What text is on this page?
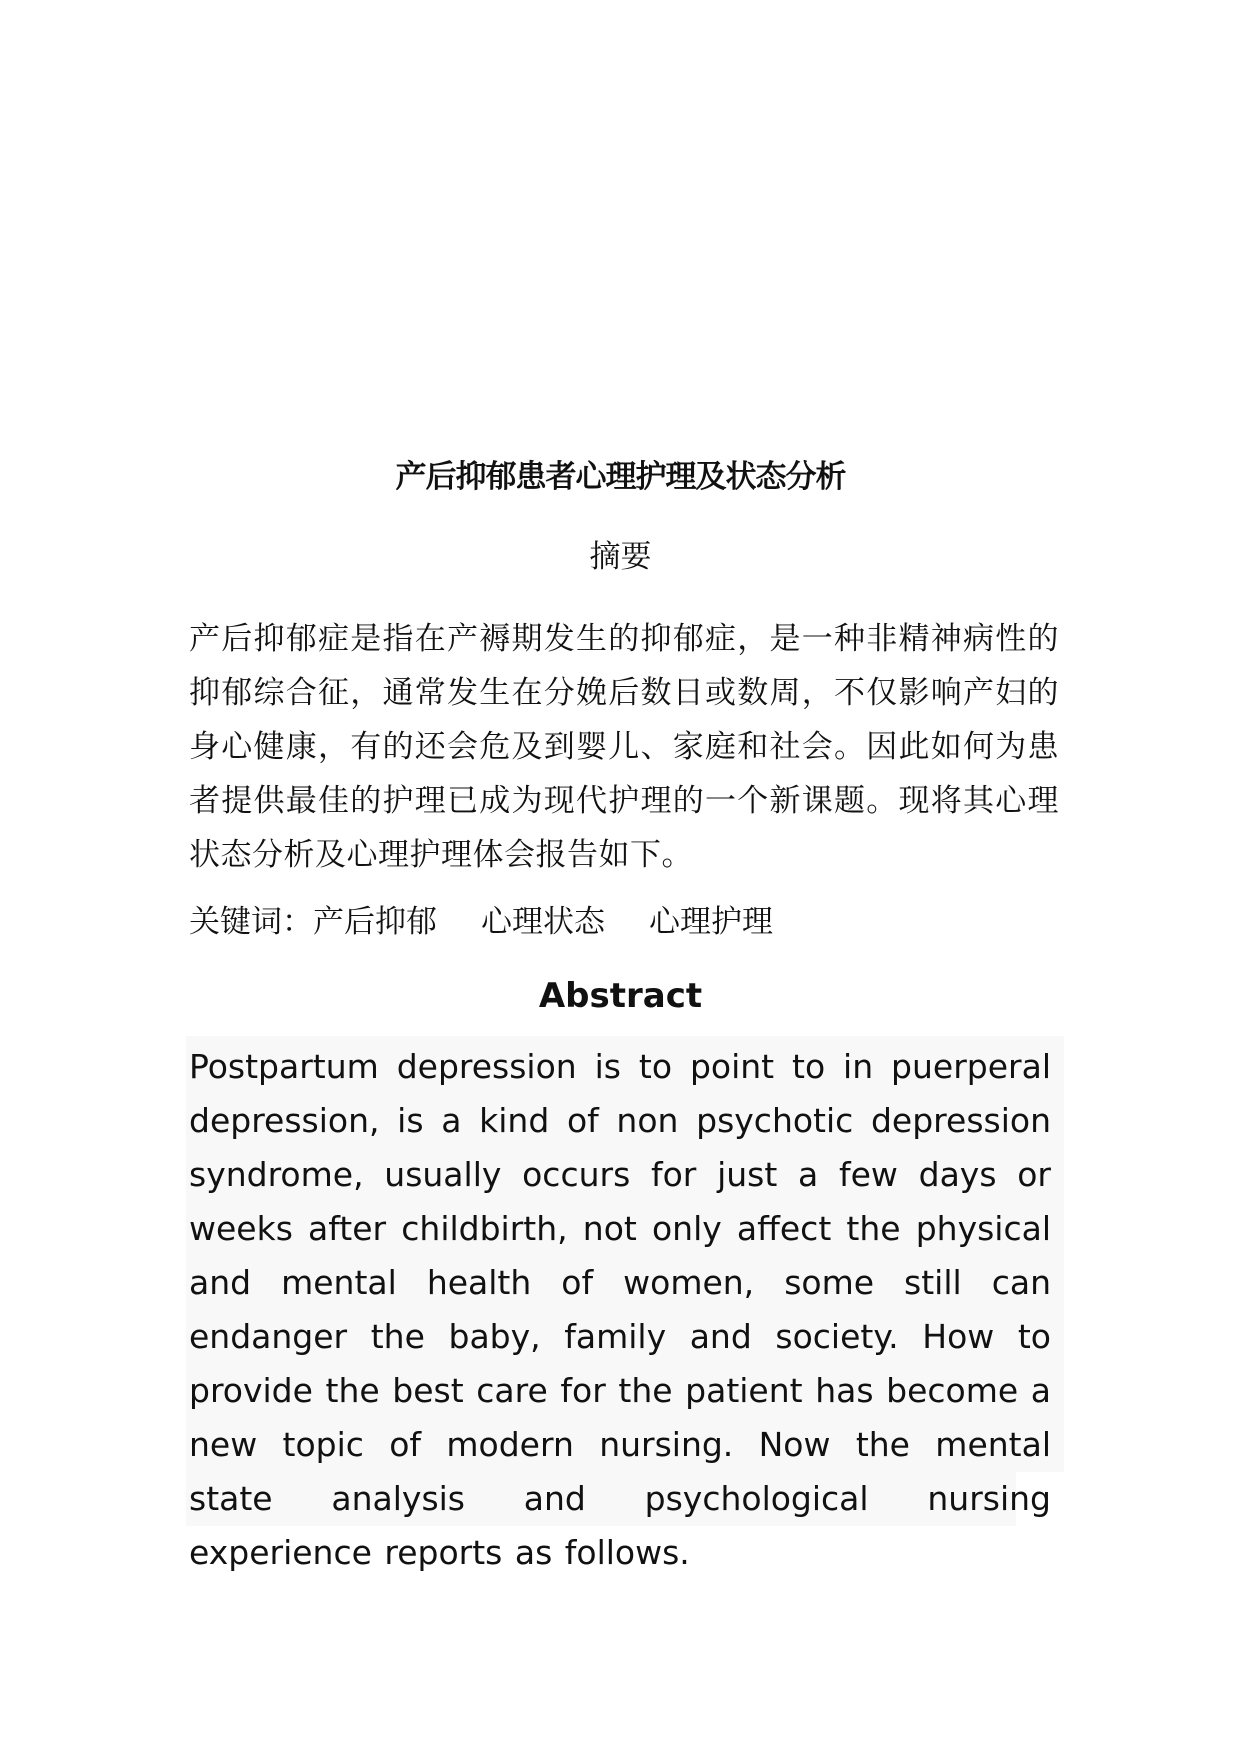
产后抑郁患者心理护理及状态分析
摘要

产后抑郁症是指在产褥期发生的抑郁症，是一种非精神病性的抑郁综合征，通常发生在分娩后数日或数周，不仅影响产妇的身心健康，有的还会危及到婴儿、家庭和社会。因此如何为患者提供最佳的护理已成为现代护理的一个新课题。现将其心理状态分析及心理护理体会报告如下。

关键词：产后抑郁 心理状态 心理护理
Abstract

Postpartum depression is to point to in puerperal depression, is a kind of non psychotic depression syndrome, usually occurs for just a few days or weeks after childbirth, not only affect the physical and mental health of women, some still can endanger the baby, family and society. How to provide the best care for the patient has become a new topic of modern nursing. Now the mental state analysis and psychological nursing experience reports as follows.
